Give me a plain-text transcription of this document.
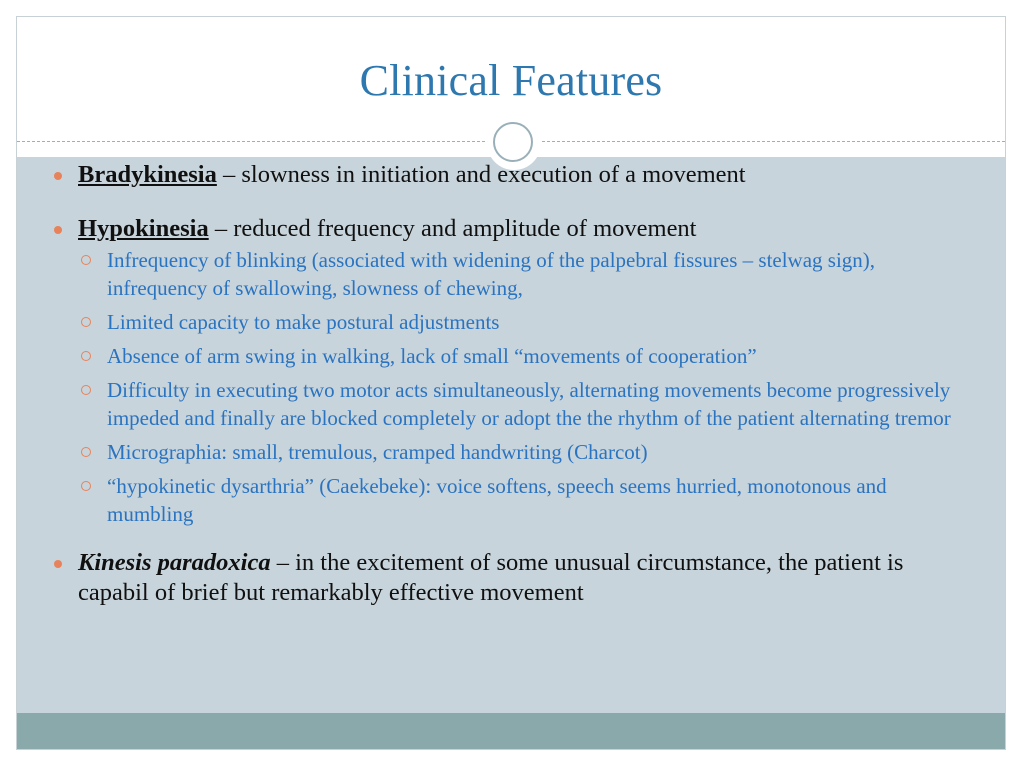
Clinical Features
Bradykinesia – slowness in initiation and execution of a movement
Hypokinesia – reduced frequency and amplitude of movement
Infrequency of blinking (associated with widening of the palpebral fissures – stelwag sign), infrequency of swallowing, slowness of chewing,
Limited capacity to make postural adjustments
Absence of arm swing in walking, lack of small “movements of cooperation”
Difficulty in executing two motor acts simultaneously, alternating movements become progressively impeded and finally are blocked completely or adopt the the rhythm of the patient alternating tremor
Micrographia: small, tremulous, cramped handwriting (Charcot)
“hypokinetic dysarthria” (Caekebeke): voice softens, speech seems hurried, monotonous and mumbling
Kinesis paradoxica – in the excitement of some unusual circumstance, the patient is capabil of brief but remarkably effective movement
